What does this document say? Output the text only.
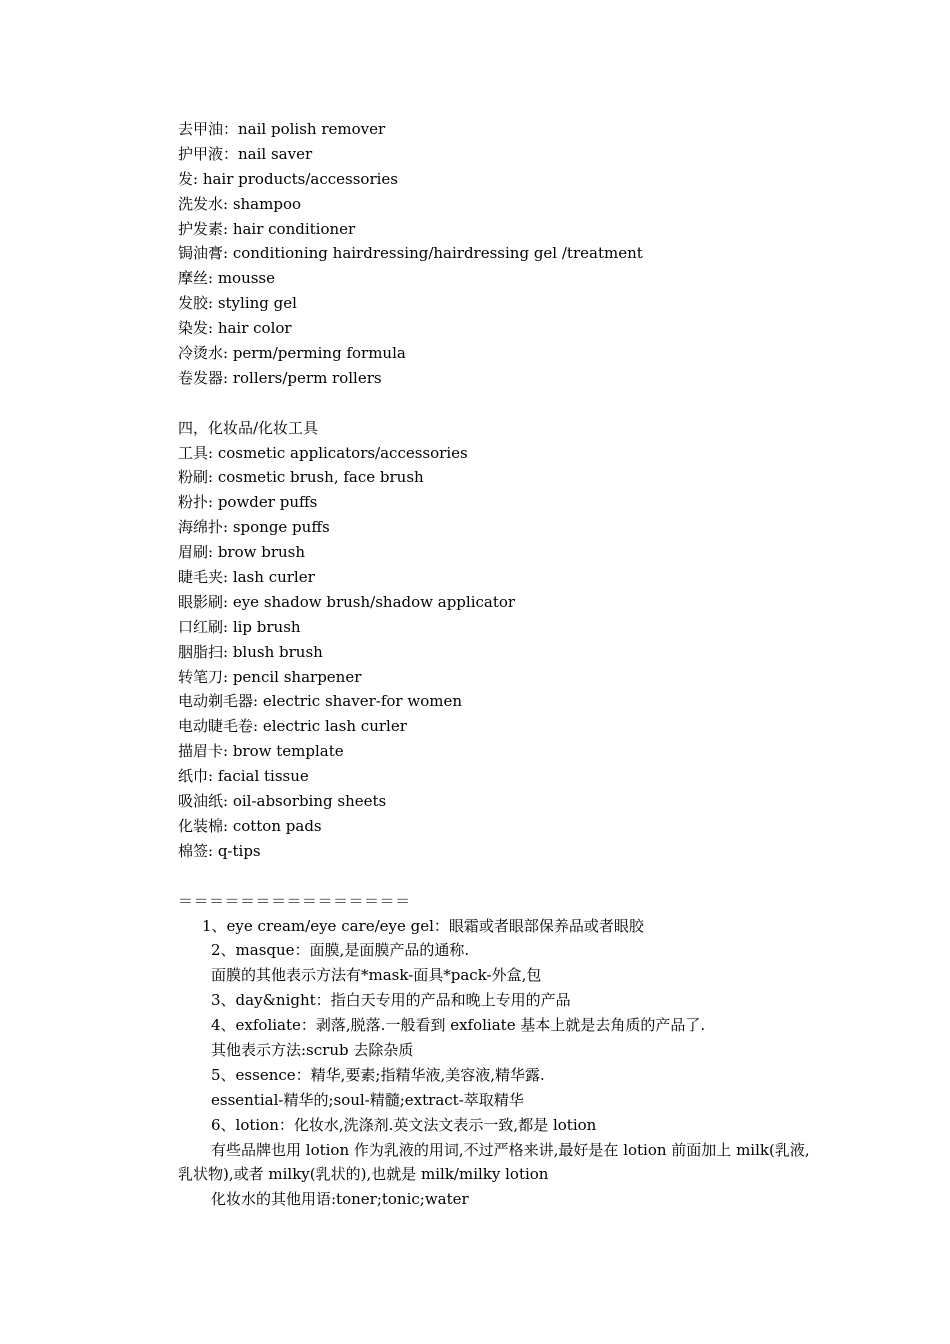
去甲油：nail polish remover
护甲液：nail saver
发: hair products/accessories
洗发水: shampoo
护发素: hair conditioner
锔油膏: conditioning hairdressing/hairdressing gel /treatment
摩丝: mousse
发胶: styling gel
染发: hair color
冷烫水: perm/perming formula
卷发器: rollers/perm rollers
四，化妆品/化妆工具
工具: cosmetic applicators/accessories
粉刷: cosmetic brush, face brush
粉扑: powder puffs
海绵扑: sponge puffs
眉刷: brow brush
睫毛夹: lash curler
眼影刷: eye shadow brush/shadow applicator
口红刷: lip brush
胭脂扫: blush brush
转笔刀: pencil sharpener
电动剃毛器: electric shaver-for women
电动睫毛卷: electric lash curler
描眉卡: brow template
纸巾: facial tissue
吸油纸: oil-absorbing sheets
化装棉: cotton pads
棉签: q-tips
＝＝＝＝＝＝＝＝＝＝＝＝＝＝＝
1、eye cream/eye care/eye gel：眼霜或者眼部保养品或者眼胶
2、masque：面膜,是面膜产品的通称.
面膜的其他表示方法有*mask-面具*pack-外盒,包
3、day&night：指白天专用的产品和晚上专用的产品
4、exfoliate：剥落,脱落.一般看到 exfoliate 基本上就是去角质的产品了.
其他表示方法:scrub 去除杂质
5、essence：精华,要素;指精华液,美容液,精华露.
essential-精华的;soul-精髓;extract-萃取精华
6、lotion：化妆水,洗涤剂.英文法文表示一致,都是 lotion
有些品牌也用 lotion 作为乳液的用词,不过严格来讲,最好是在 lotion 前面加上 milk(乳液,乳状物),或者 milky(乳状的),也就是 milk/milky lotion
化妆水的其他用语:toner;tonic;water
